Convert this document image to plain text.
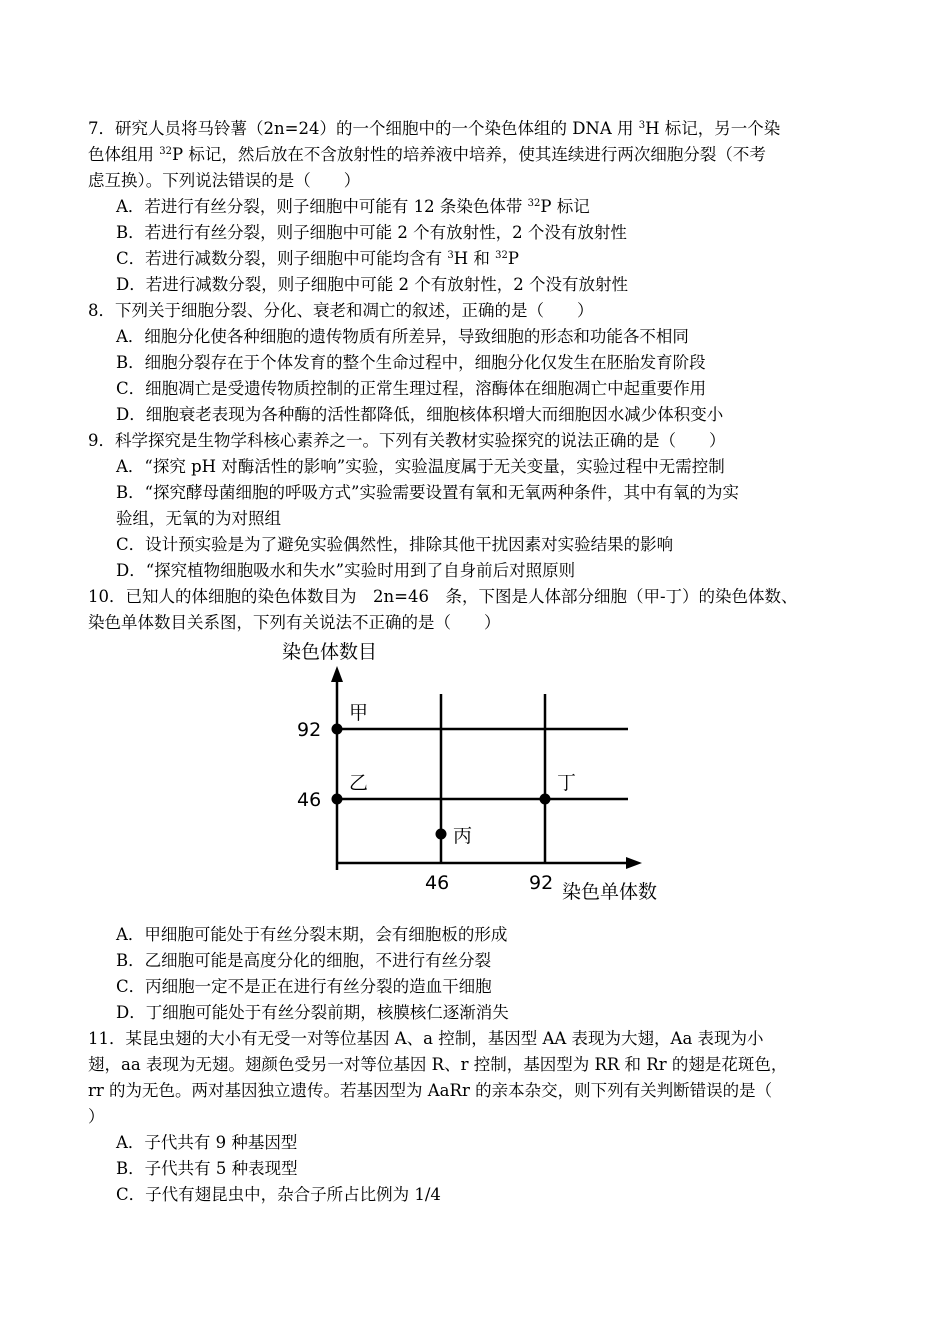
7．研究人员将马铃薯（2n=24）的一个细胞中的一个染色体组的 DNA 用 $^3$H 标记，另一个染
色体组用 $^{32}$P 标记，然后放在不含放射性的培养液中培养，使其连续进行两次细胞分裂（不考
虑互换）。下列说法错误的是（　　）
A．若进行有丝分裂，则子细胞中可能有 12 条染色体带 $^{32}$P 标记
B．若进行有丝分裂，则子细胞中可能 2 个有放射性，2 个没有放射性
C．若进行减数分裂，则子细胞中可能均含有 $^3$H 和 $^{32}$P
D．若进行减数分裂，则子细胞中可能 2 个有放射性，2 个没有放射性
8．下列关于细胞分裂、分化、衰老和凋亡的叙述，正确的是（　　）
A．细胞分化使各种细胞的遗传物质有所差异，导致细胞的形态和功能各不相同
B．细胞分裂存在于个体发育的整个生命过程中，细胞分化仅发生在胚胎发育阶段
C．细胞凋亡是受遗传物质控制的正常生理过程，溶酶体在细胞凋亡中起重要作用
D．细胞衰老表现为各种酶的活性都降低，细胞核体积增大而细胞因水减少体积变小
9．科学探究是生物学科核心素养之一。下列有关教材实验探究的说法正确的是（　　）
A．“探究 pH 对酶活性的影响”实验，实验温度属于无关变量，实验过程中无需控制
B．“探究酵母菌细胞的呼吸方式”实验需要设置有氧和无氧两种条件，其中有氧的为实
验组，无氧的为对照组
C．设计预实验是为了避免实验偶然性，排除其他干扰因素对实验结果的影响
D．“探究植物细胞吸水和失水”实验时用到了自身前后对照原则
10．已知人的体细胞的染色体数目为　2n=46　条，下图是人体部分细胞（甲-丁）的染色体数、
染色单体数目关系图，下列有关说法不正确的是（　　）
A．甲细胞可能处于有丝分裂末期，会有细胞板的形成
B．乙细胞可能是高度分化的细胞，不进行有丝分裂
C．丙细胞一定不是正在进行有丝分裂的造血干细胞
D．丁细胞可能处于有丝分裂前期，核膜核仁逐渐消失
11．某昆虫翅的大小有无受一对等位基因 A、a 控制，基因型 AA 表现为大翅，Aa 表现为小
翅，aa 表现为无翅。翅颜色受另一对等位基因 R、r 控制，基因型为 RR 和 Rr 的翅是花斑色，
rr 的为无色。两对基因独立遗传。若基因型为 AaRr 的亲本杂交，则下列有关判断错误的是（
）
A．子代共有 9 种基因型
B．子代共有 5 种表现型
C．子代有翅昆虫中，杂合子所占比例为 1/4
染色体数目
染色单体数
92
46
46	92
甲
乙
丙
丁
